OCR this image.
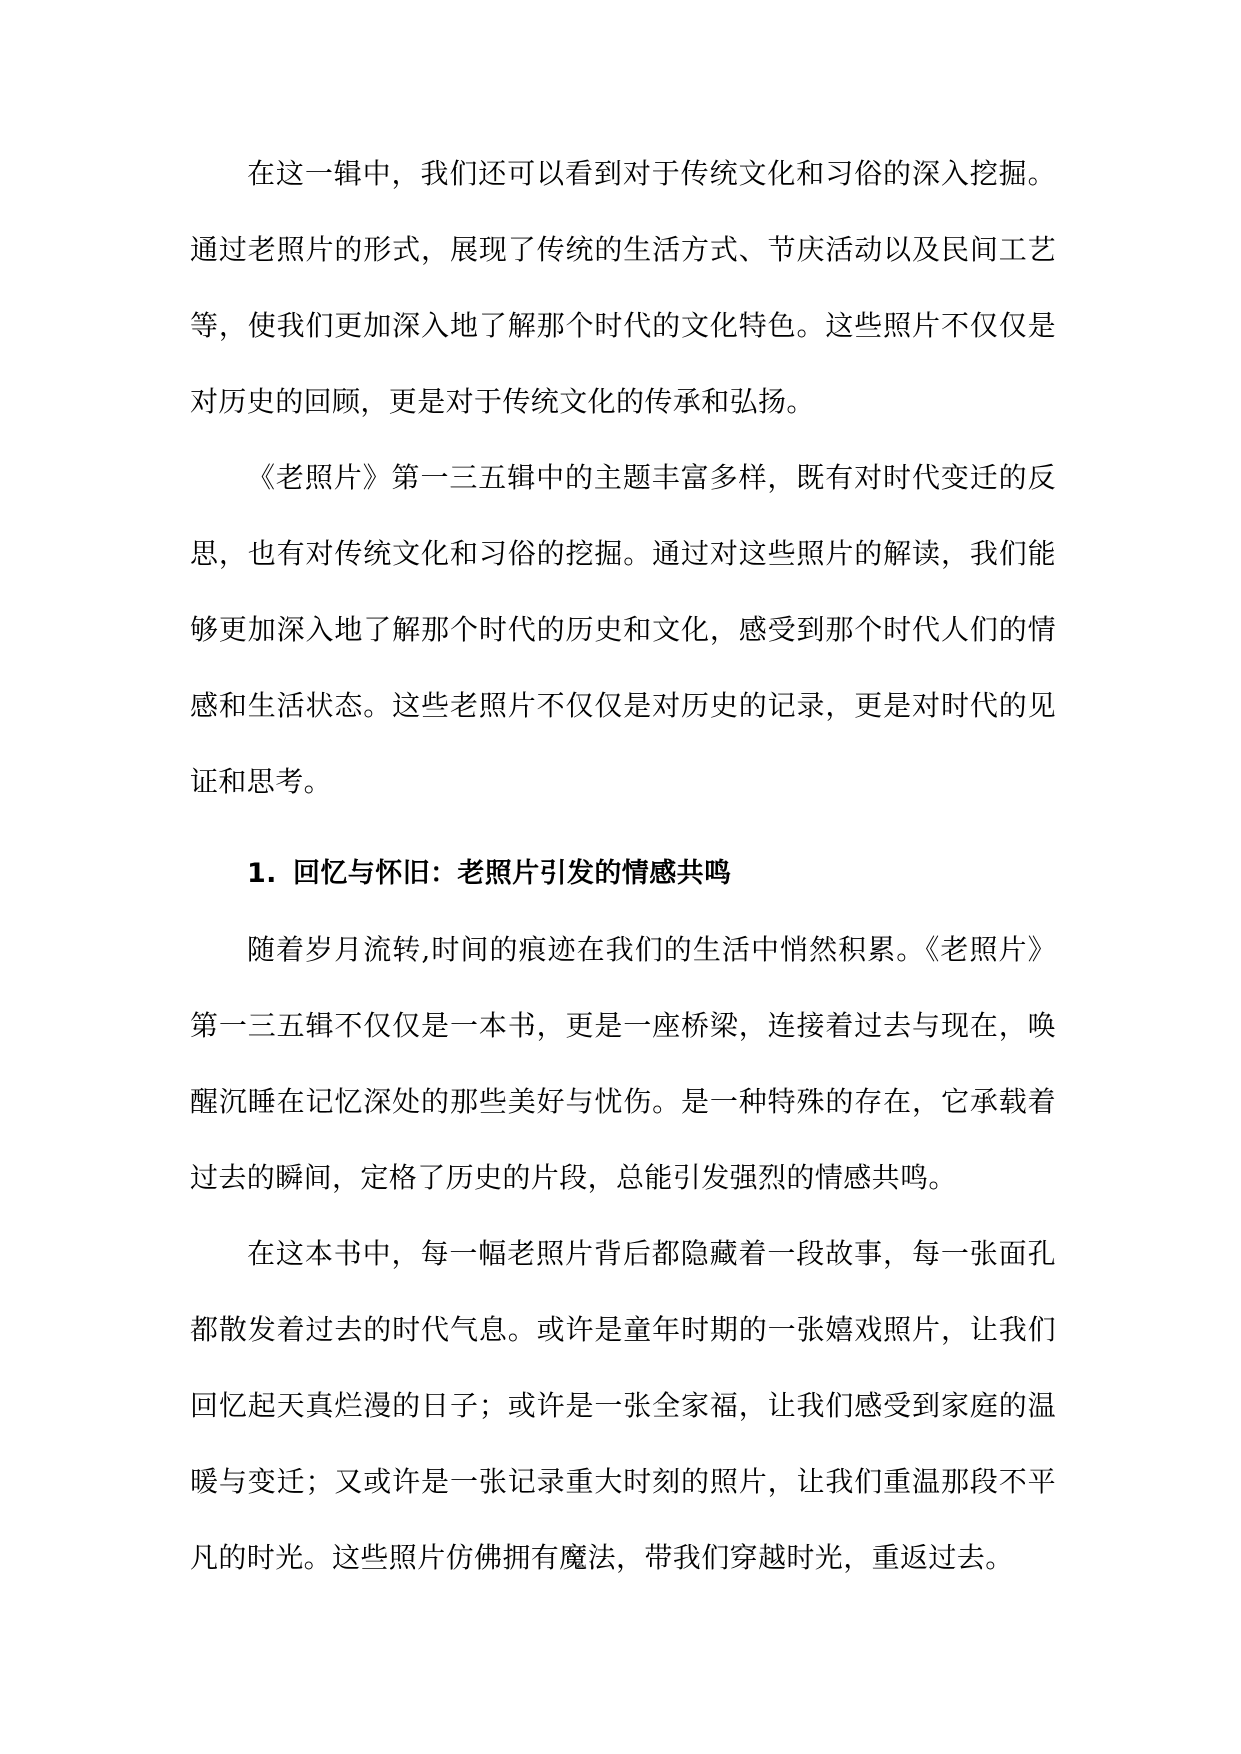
在这一辑中，我们还可以看到对于传统文化和习俗的深入挖掘。通过老照片的形式，展现了传统的生活方式、节庆活动以及民间工艺等，使我们更加深入地了解那个时代的文化特色。这些照片不仅仅是对历史的回顾，更是对于传统文化的传承和弘扬。

《老照片》第一三五辑中的主题丰富多样，既有对时代变迁的反思，也有对传统文化和习俗的挖掘。通过对这些照片的解读，我们能够更加深入地了解那个时代的历史和文化，感受到那个时代人们的情感和生活状态。这些老照片不仅仅是对历史的记录，更是对时代的见证和思考。

1. 回忆与怀旧：老照片引发的情感共鸣

随着岁月流转,时间的痕迹在我们的生活中悄然积累。《老照片》第一三五辑不仅仅是一本书，更是一座桥梁，连接着过去与现在，唤醒沉睡在记忆深处的那些美好与忧伤。是一种特殊的存在，它承载着过去的瞬间，定格了历史的片段，总能引发强烈的情感共鸣。

在这本书中，每一幅老照片背后都隐藏着一段故事，每一张面孔都散发着过去的时代气息。或许是童年时期的一张嬉戏照片，让我们回忆起天真烂漫的日子；或许是一张全家福，让我们感受到家庭的温暖与变迁；又或许是一张记录重大时刻的照片，让我们重温那段不平凡的时光。这些照片仿佛拥有魔法，带我们穿越时光，重返过去。
